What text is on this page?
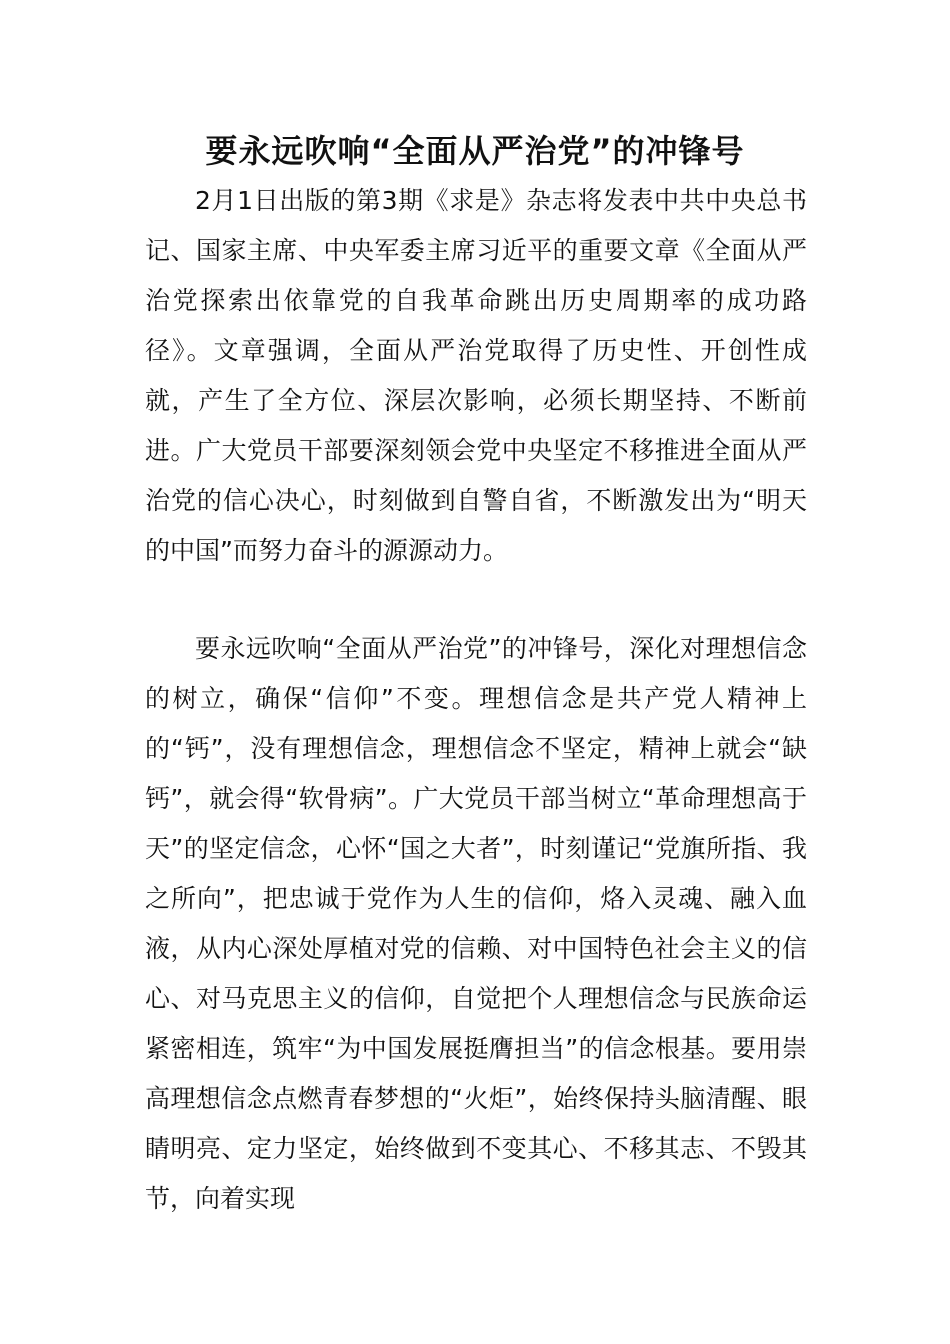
要永远吹响“全面从严治党”的冲锋号

2月1日出版的第3期《求是》杂志将发表中共中央总书记、国家主席、中央军委主席习近平的重要文章《全面从严治党探索出依靠党的自我革命跳出历史周期率的成功路径》。文章强调，全面从严治党取得了历史性、开创性成就，产生了全方位、深层次影响，必须长期坚持、不断前进。广大党员干部要深刻领会党中央坚定不移推进全面从严治党的信心决心，时刻做到自警自省，不断激发出为“明天的中国”而努力奋斗的源源动力。

要永远吹响“全面从严治党”的冲锋号，深化对理想信念的树立，确保“信仰”不变。理想信念是共产党人精神上的“钙”，没有理想信念，理想信念不坚定，精神上就会“缺钙”，就会得“软骨病”。广大党员干部当树立“革命理想高于天”的坚定信念，心怀“国之大者”，时刻谨记“党旗所指、我之所向”，把忠诚于党作为人生的信仰，烙入灵魂、融入血液，从内心深处厚植对党的信赖、对中国特色社会主义的信心、对马克思主义的信仰，自觉把个人理想信念与民族命运紧密相连，筑牢“为中国发展挺膺担当”的信念根基。要用崇高理想信念点燃青春梦想的“火炬”，始终保持头脑清醒、眼睛明亮、定力坚定，始终做到不变其心、不移其志、不毁其节，向着实现
